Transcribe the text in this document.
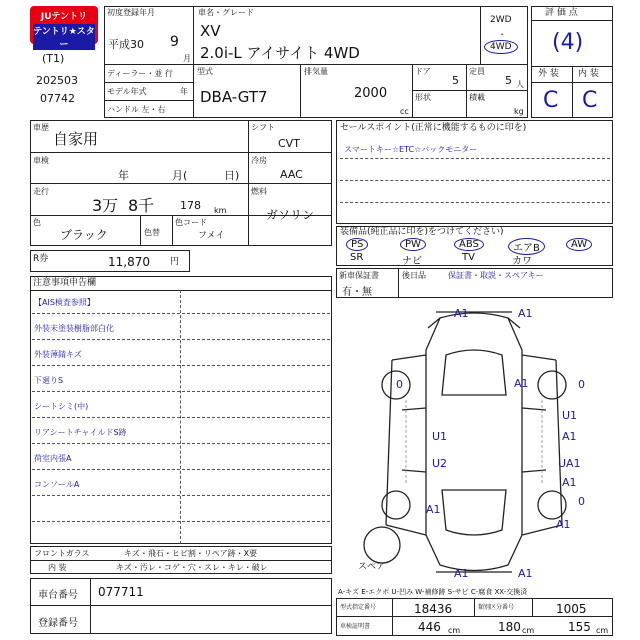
JUテントリ
テントリ★スター
(T1)
202503
07742
初度登録年月
平成30 9
月
車名・グレード
XV
2.0i-L アイサイト 4WD
2WD
・
4WD
ディーラー・並 行
モデル年式	年
ハンドル 左・右
型式
DBA-GT7
排気量
2000
cc
ドア
5
定員
5 人
形状	積載
kg
評 価 点
(4)
外 装 内 装
C C
車歴
自家用
車検
年	月(	日)
走行
3万 8千 178 km
シフト
CVT
冷房
AAC
燃料
ガソリン
色
ブラック	色替
色コード
フメイ
R券	11,870 円
セールスポイント(正常に機能するものに印を)
スマートキー☆ETC☆バックモニター
装備品(純正品に印を)をつけてください)
PS	PW	ABS	エアB	AW
SR	ナビ	TV	カワ
新車保証書
有・無
後日品	保証書・取説・スペアキー
注意事項申告欄
【AIS検査参照】
外装未塗装樹脂部白化
外装薄錆キズ
下廻りS
シートシミ(中)
リアシートチャイルドS跡
荷室内張A
コンソールA
フロントガラス	キズ・飛石・ヒビ割・リペア跡・X要
内 装	キズ・汚レ・コゲ・穴・スレ・キレ・破レ
車台番号 077711
登録番号
A1	A1
0	A1	0
U1
A1
U1
U2	UA1
A1
A1
0
A1
A1	A1
スペア
A-キズ E-エクボ U-凹み W-補修跡 S-サビ C-腐食 XX-交換済
型式指定番号	18436	類別区分番号	1005
車検証明書	446 cm	180 cm	155 cm
